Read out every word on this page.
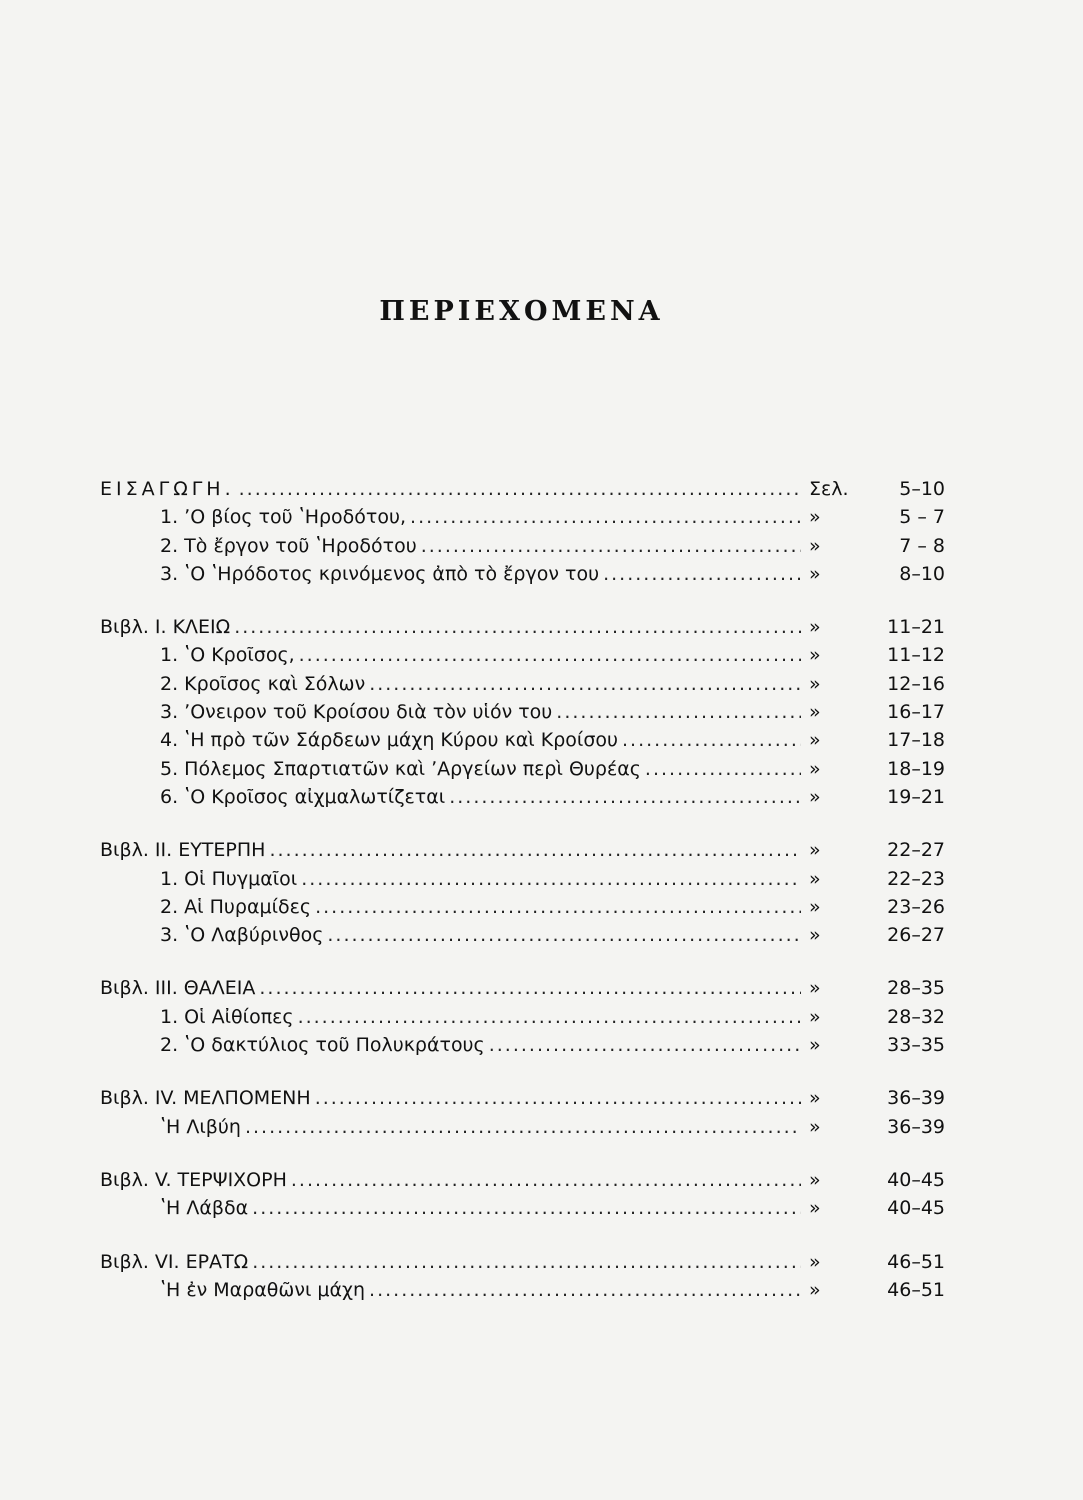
ΠΕΡΙΕΧΟΜΕΝΑ
ΕΙΣΑΓΩΓΗ. .....	Σελ.	5–10
1. ʼΟ βίος τοῦ ʽΗροδότου, .....	»	5 – 7
2. Τὸ ἔργον τοῦ ʽΗροδότου .....	»	7 – 8
3. ʽΟ ʽΗρόδοτος κρινόμενος ἀπὸ τὸ ἔργον του .....	»	8–10
Βιβλ. Ι. ΚΛΕΙΩ .....	»	11–21
1. ʽΟ Κροῖσος, .....	»	11–12
2. Κροῖσος καὶ Σόλων .....	»	12–16
3. ʼΟνειρον τοῦ Κροίσου διὰ τὸν υἱόν του .....	»	16–17
4. ʽΗ πρὸ τῶν Σάρδεων μάχη Κύρου καὶ Κροίσου .....	»	17–18
5. Πόλεμος Σπαρτιατῶν καὶ ʼΑργείων περὶ Θυρέας .....	»	18–19
6. ʽΟ Κροῖσος αἰχμαλωτίζεται .....	»	19–21
Βιβλ. ΙΙ. ΕΥΤΕΡΠΗ .....	»	22–27
1. Οἱ Πυγμαῖοι .....	»	22–23
2. Αἱ Πυραμίδες .....	»	23–26
3. ʽΟ Λαβύρινθος .....	»	26–27
Βιβλ. ΙΙΙ. ΘΑΛΕΙΑ .....	»	28–35
1. Οἱ Αἰθίοπες .....	»	28–32
2. ʽΟ δακτύλιος τοῦ Πολυκράτους .....	»	33–35
Βιβλ. ΙV. ΜΕΛΠΟΜΕΝΗ .....	»	36–39
ʽΗ Λιβύη .....	»	36–39
Βιβλ. V. ΤΕΡΨΙΧΟΡΗ .....	»	40–45
ʽΗ Λάβδα .....	»	40–45
Βιβλ. VI. ΕΡΑΤΩ .....	»	46–51
ʽΗ ἐν Μαραθῶνι μάχη .....	»	46–51
